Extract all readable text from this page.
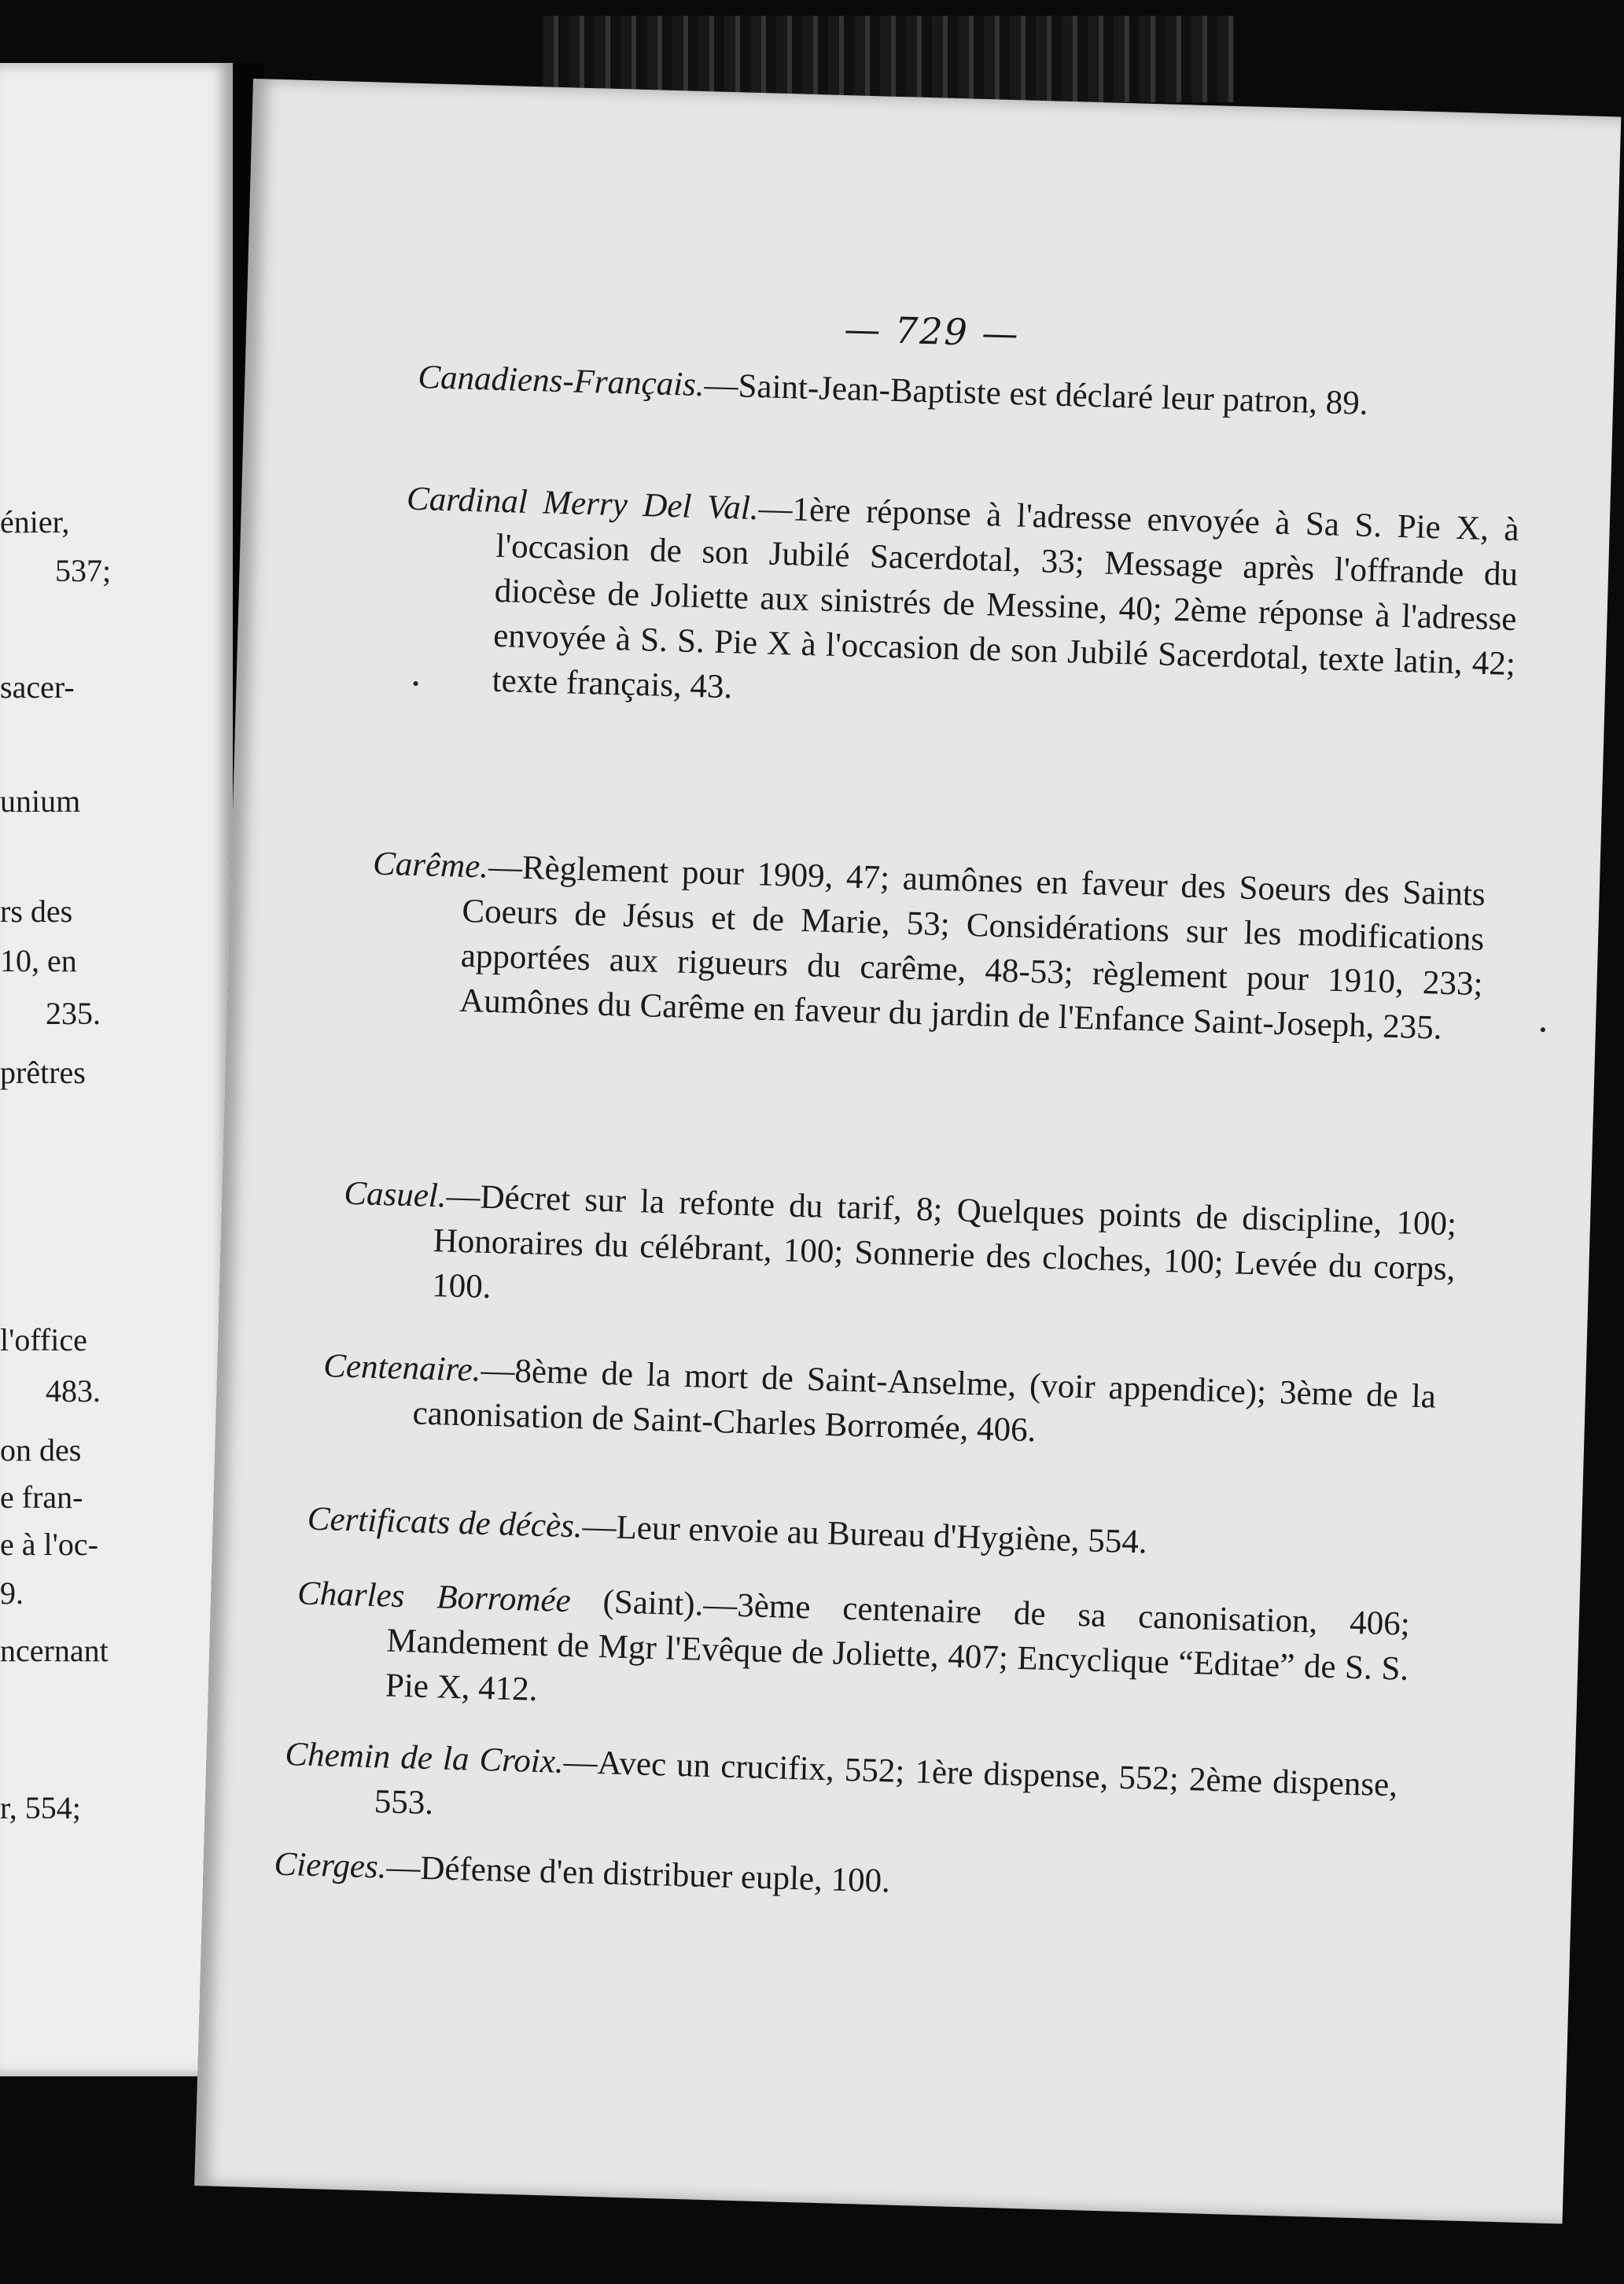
énier,
537;
sacer-
unium
rs des
10, en
235.
prêtres
l'office
483.
on des
e fran-
e à l'oc-
9.
ncernant
r, 554;
— 729 —
Canadiens-Français.—Saint-Jean-Baptiste est déclaré leur patron, 89.
Cardinal Merry Del Val.—1ère réponse à l'adresse envoyée à Sa S. Pie X, à l'occasion de son Jubilé Sacerdotal, 33; Message après l'offrande du diocèse de Joliette aux sinistrés de Messine, 40; 2ème réponse à l'adresse envoyée à S. S. Pie X à l'occasion de son Jubilé Sacerdotal, texte latin, 42; texte français, 43.
Carême.—Règlement pour 1909, 47; aumônes en faveur des Soeurs des Saints Coeurs de Jésus et de Marie, 53; Considérations sur les modifications apportées aux rigueurs du carême, 48-53; règlement pour 1910, 233; Aumônes du Carême en faveur du jardin de l'Enfance Saint-Joseph, 235.
Casuel.—Décret sur la refonte du tarif, 8; Quelques points de discipline, 100; Honoraires du célébrant, 100; Sonnerie des cloches, 100; Levée du corps, 100.
Centenaire.—8ème de la mort de Saint-Anselme, (voir appendice); 3ème de la canonisation de Saint-Charles Borromée, 406.
Certificats de décès.—Leur envoie au Bureau d'Hygiène, 554.
Charles Borromée (Saint).—3ème centenaire de sa canonisation, 406; Mandement de Mgr l'Evêque de Joliette, 407; Encyclique “Editae” de S. S. Pie X, 412.
Chemin de la Croix.—Avec un crucifix, 552; 1ère dispense, 552; 2ème dispense, 553.
Cierges.—Défense d'en distribuer euple, 100.
